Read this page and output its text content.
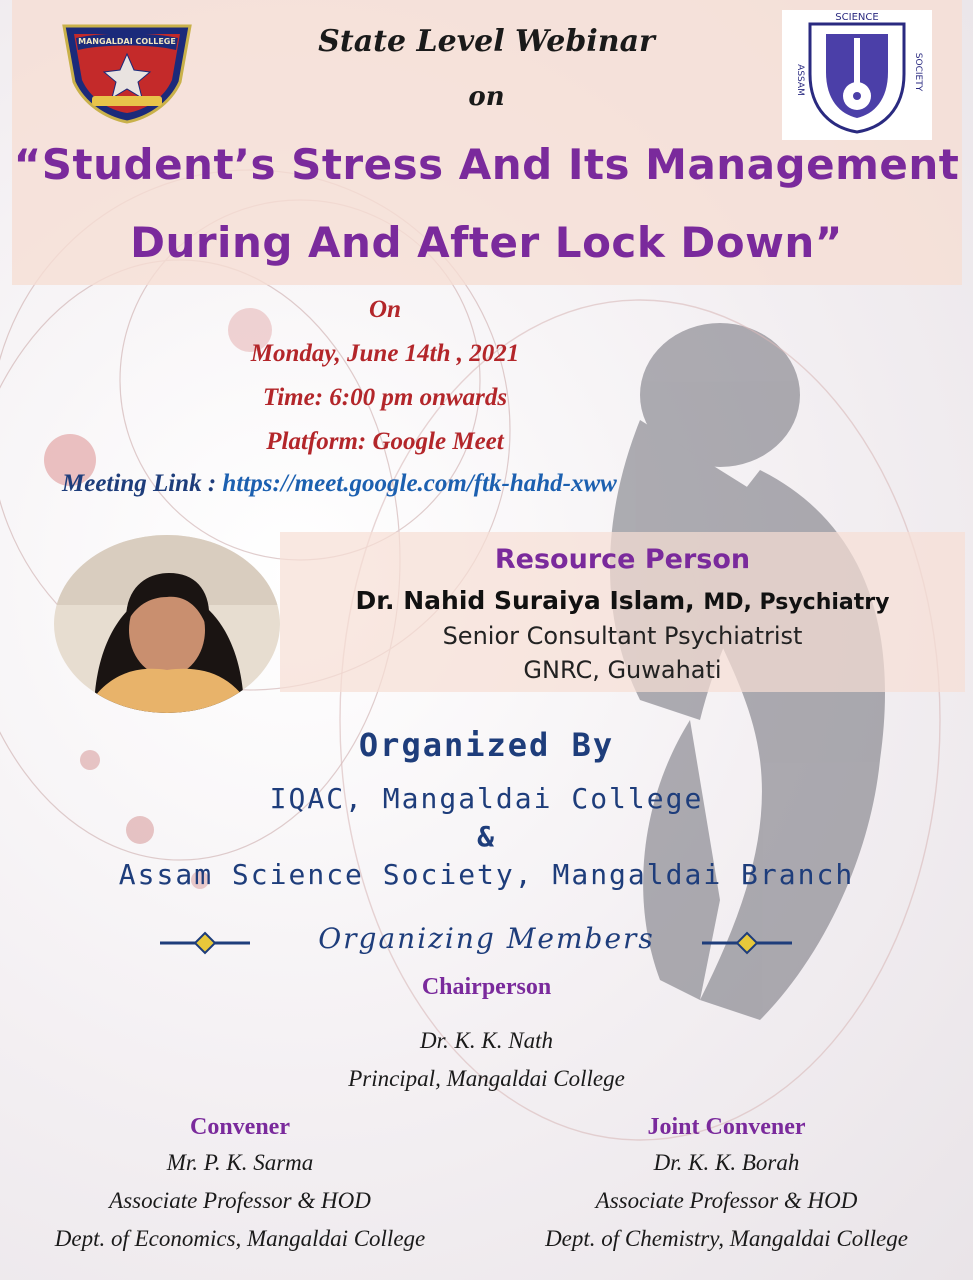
MANGALDAI COLLEGE
SCIENCE
ASSAM	SOCIETY
State Level Webinar
on
“Student’s Stress And Its Management
During And After Lock Down”
On
Monday, June 14th , 2021
Time: 6:00 pm onwards
Platform: Google Meet
Meeting Link : https://meet.google.com/ftk-hahd-xww
Resource Person
Dr. Nahid Suraiya Islam, MD, Psychiatry
Senior Consultant Psychiatrist
GNRC, Guwahati
Organized By
IQAC, Mangaldai College
&
Assam Science Society, Mangaldai Branch
Organizing Members
Chairperson
Dr. K. K. Nath
Principal, Mangaldai College
Convener
Mr. P. K. Sarma
Associate Professor & HOD
Dept. of Economics, Mangaldai College
Joint Convener
Dr. K. K. Borah
Associate Professor & HOD
Dept. of Chemistry, Mangaldai College
